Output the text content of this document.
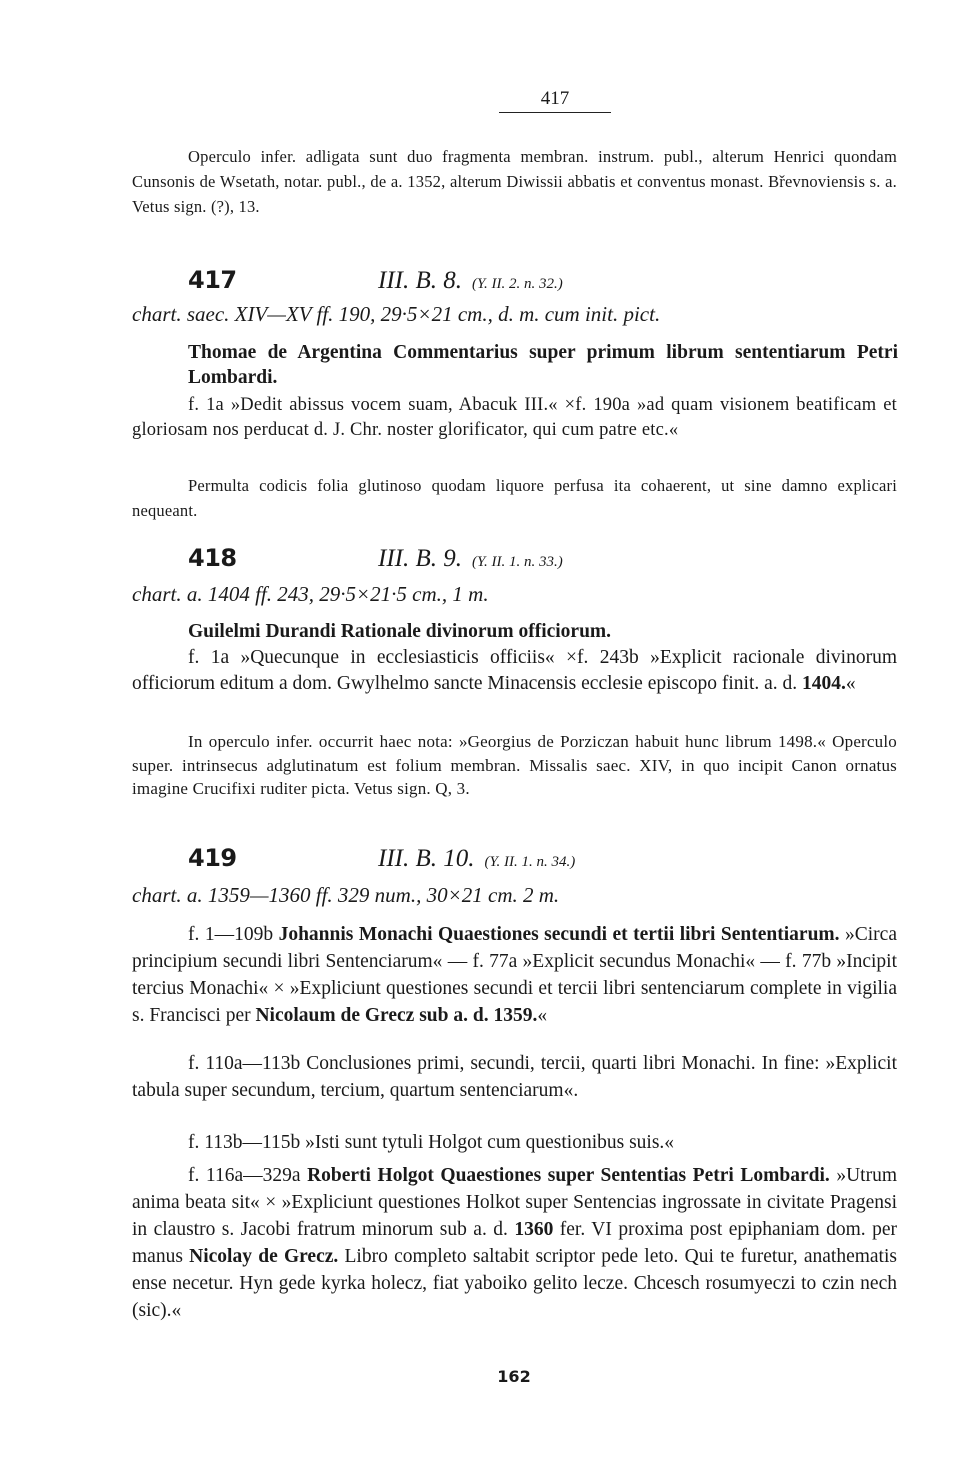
417
Operculo infer. adligata sunt duo fragmenta membran. instrum. publ., alterum Henrici quondam Cunsonis de Wsetath, notar. publ., de a. 1352, alterum Diwissii abbatis et conventus monast. Břevnoviensis s. a. Vetus sign. (?), 13.
417	III. B. 8. (Y. II. 2. n. 32.)
chart. saec. XIV—XV ff. 190, 29·5×21 cm., d. m. cum init. pict.
Thomae de Argentina Commentarius super primum librum sententiarum Petri Lombardi.
f. 1a »Dedit abissus vocem suam, Abacuk III.« ×f. 190a »ad quam visionem beatificam et gloriosam nos perducat d. J. Chr. noster glorificator, qui cum patre etc.«
Permulta codicis folia glutinoso quodam liquore perfusa ita cohaerent, ut sine damno explicari nequeant.
418	III. B. 9. (Y. II. 1. n. 33.)
chart. a. 1404 ff. 243, 29·5×21·5 cm., 1 m.
Guilelmi Durandi Rationale divinorum officiorum.
f. 1a »Quecunque in ecclesiasticis officiis« ×f. 243b »Explicit racionale divinorum officiorum editum a dom. Gwylhelmo sancte Minacensis ecclesie episcopo finit. a. d. 1404.«
In operculo infer. occurrit haec nota: »Georgius de Porziczan habuit hunc librum 1498.« Operculo super. intrinsecus adglutinatum est folium membran. Missalis saec. XIV, in quo incipit Canon ornatus imagine Crucifixi ruditer picta. Vetus sign. Q, 3.
419	III. B. 10. (Y. II. 1. n. 34.)
chart. a. 1359—1360 ff. 329 num., 30×21 cm. 2 m.
f. 1—109b Johannis Monachi Quaestiones secundi et tertii libri Sententiarum. »Circa principium secundi libri Sentenciarum« — f. 77a »Explicit secundus Monachi« — f. 77b »Incipit tercius Monachi« × »Expliciunt questiones secundi et tercii libri sentenciarum complete in vigilia s. Francisci per Nicolaum de Grecz sub a. d. 1359.«
f. 110a—113b Conclusiones primi, secundi, tercii, quarti libri Monachi. In fine: »Explicit tabula super secundum, tercium, quartum sentenciarum«.
f. 113b—115b »Isti sunt tytuli Holgot cum questionibus suis.«
f. 116a—329a Roberti Holgot Quaestiones super Sententias Petri Lombardi. »Utrum anima beata sit« × »Expliciunt questiones Holkot super Sentencias ingrossate in civitate Pragensi in claustro s. Jacobi fratrum minorum sub a. d. 1360 fer. VI proxima post epiphaniam dom. per manus Nicolay de Grecz. Libro completo saltabit scriptor pede leto. Qui te furetur, anathematis ense necetur. Hyn gede kyrka holecz, fiat yaboiko gelito lecze. Chcesch rosumyeczi to czin nech (sic).«
162
